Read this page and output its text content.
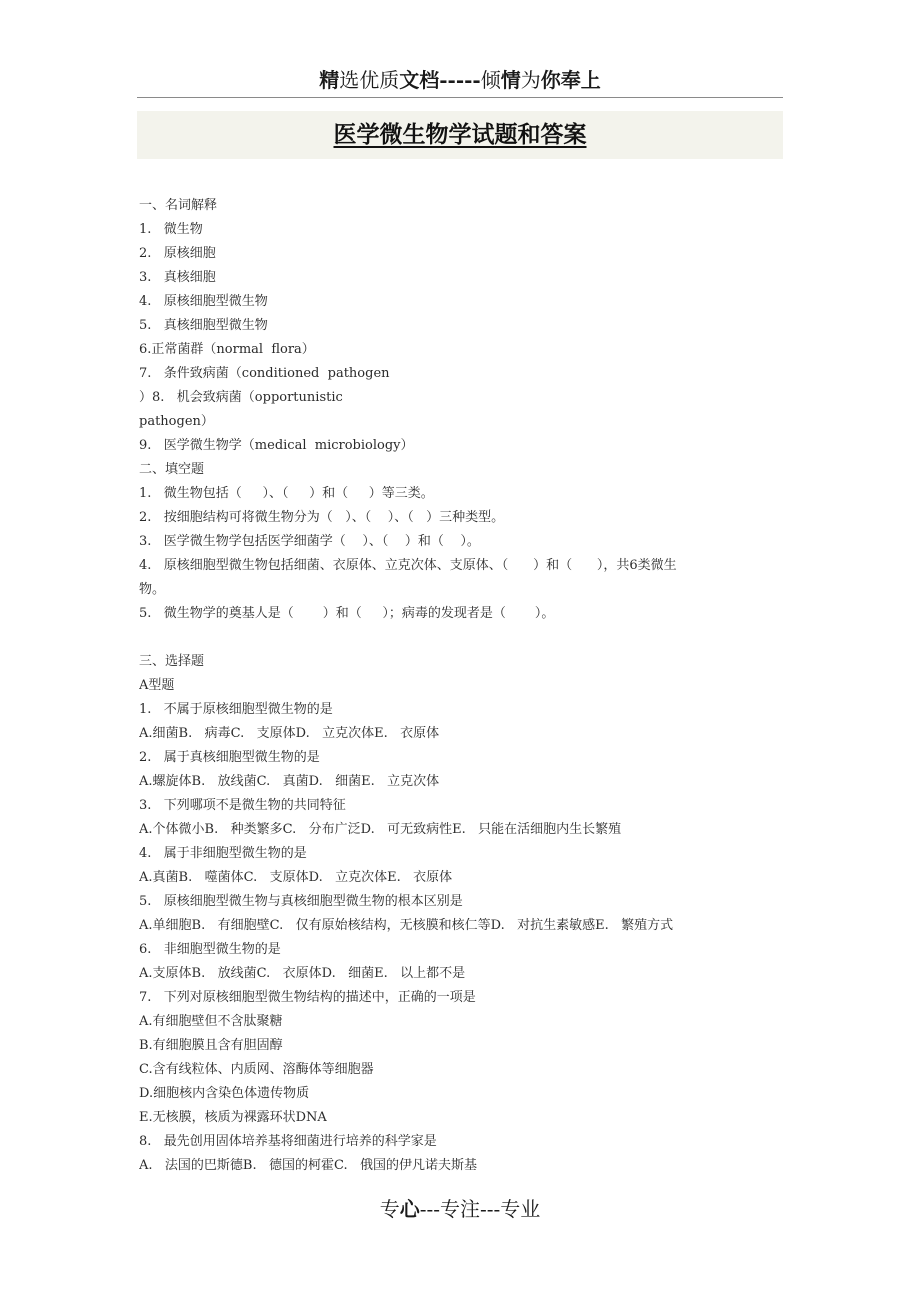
精选优质文档-----倾情为你奉上
医学微生物学试题和答案
一、名词解释
1.   微生物
2.   原核细胞
3.   真核细胞
4.   原核细胞型微生物
5.   真核细胞型微生物
6.正常菌群（normal  flora）
7.   条件致病菌（conditioned  pathogen
）8.   机会致病菌（opportunistic
pathogen）
9.   医学微生物学（medical  microbiology）
二、填空题
1.   微生物包括（     ）、（     ）和（     ）等三类。
2.   按细胞结构可将微生物分为（   ）、（    ）、（   ）三种类型。
3.   医学微生物学包括医学细菌学（    ）、（    ）和（    ）。
4.   原核细胞型微生物包括细菌、衣原体、立克次体、支原体、（      ）和（      ），共6类微生
物。
5.   微生物学的奠基人是（       ）和（     ）；病毒的发现者是（       ）。
三、选择题
A型题
1.   不属于原核细胞型微生物的是
A.细菌B.   病毒C.   支原体D.   立克次体E.   衣原体
2.   属于真核细胞型微生物的是
A.螺旋体B.   放线菌C.   真菌D.   细菌E.   立克次体
3.   下列哪项不是微生物的共同特征
A.个体微小B.   种类繁多C.   分布广泛D.   可无致病性E.   只能在活细胞内生长繁殖
4.   属于非细胞型微生物的是
A.真菌B.   噬菌体C.   支原体D.   立克次体E.   衣原体
5.   原核细胞型微生物与真核细胞型微生物的根本区别是
A.单细胞B.   有细胞壁C.   仅有原始核结构，无核膜和核仁等D.   对抗生素敏感E.   繁殖方式
6.   非细胞型微生物的是
A.支原体B.   放线菌C.   衣原体D.   细菌E.   以上都不是
7.   下列对原核细胞型微生物结构的描述中，正确的一项是
A.有细胞壁但不含肽聚糖
B.有细胞膜且含有胆固醇
C.含有线粒体、内质网、溶酶体等细胞器
D.细胞核内含染色体遗传物质
E.无核膜，核质为裸露环状DNA
8.   最先创用固体培养基将细菌进行培养的科学家是
A.   法国的巴斯德B.   德国的柯霍C.   俄国的伊凡诺夫斯基
专心---专注---专业
